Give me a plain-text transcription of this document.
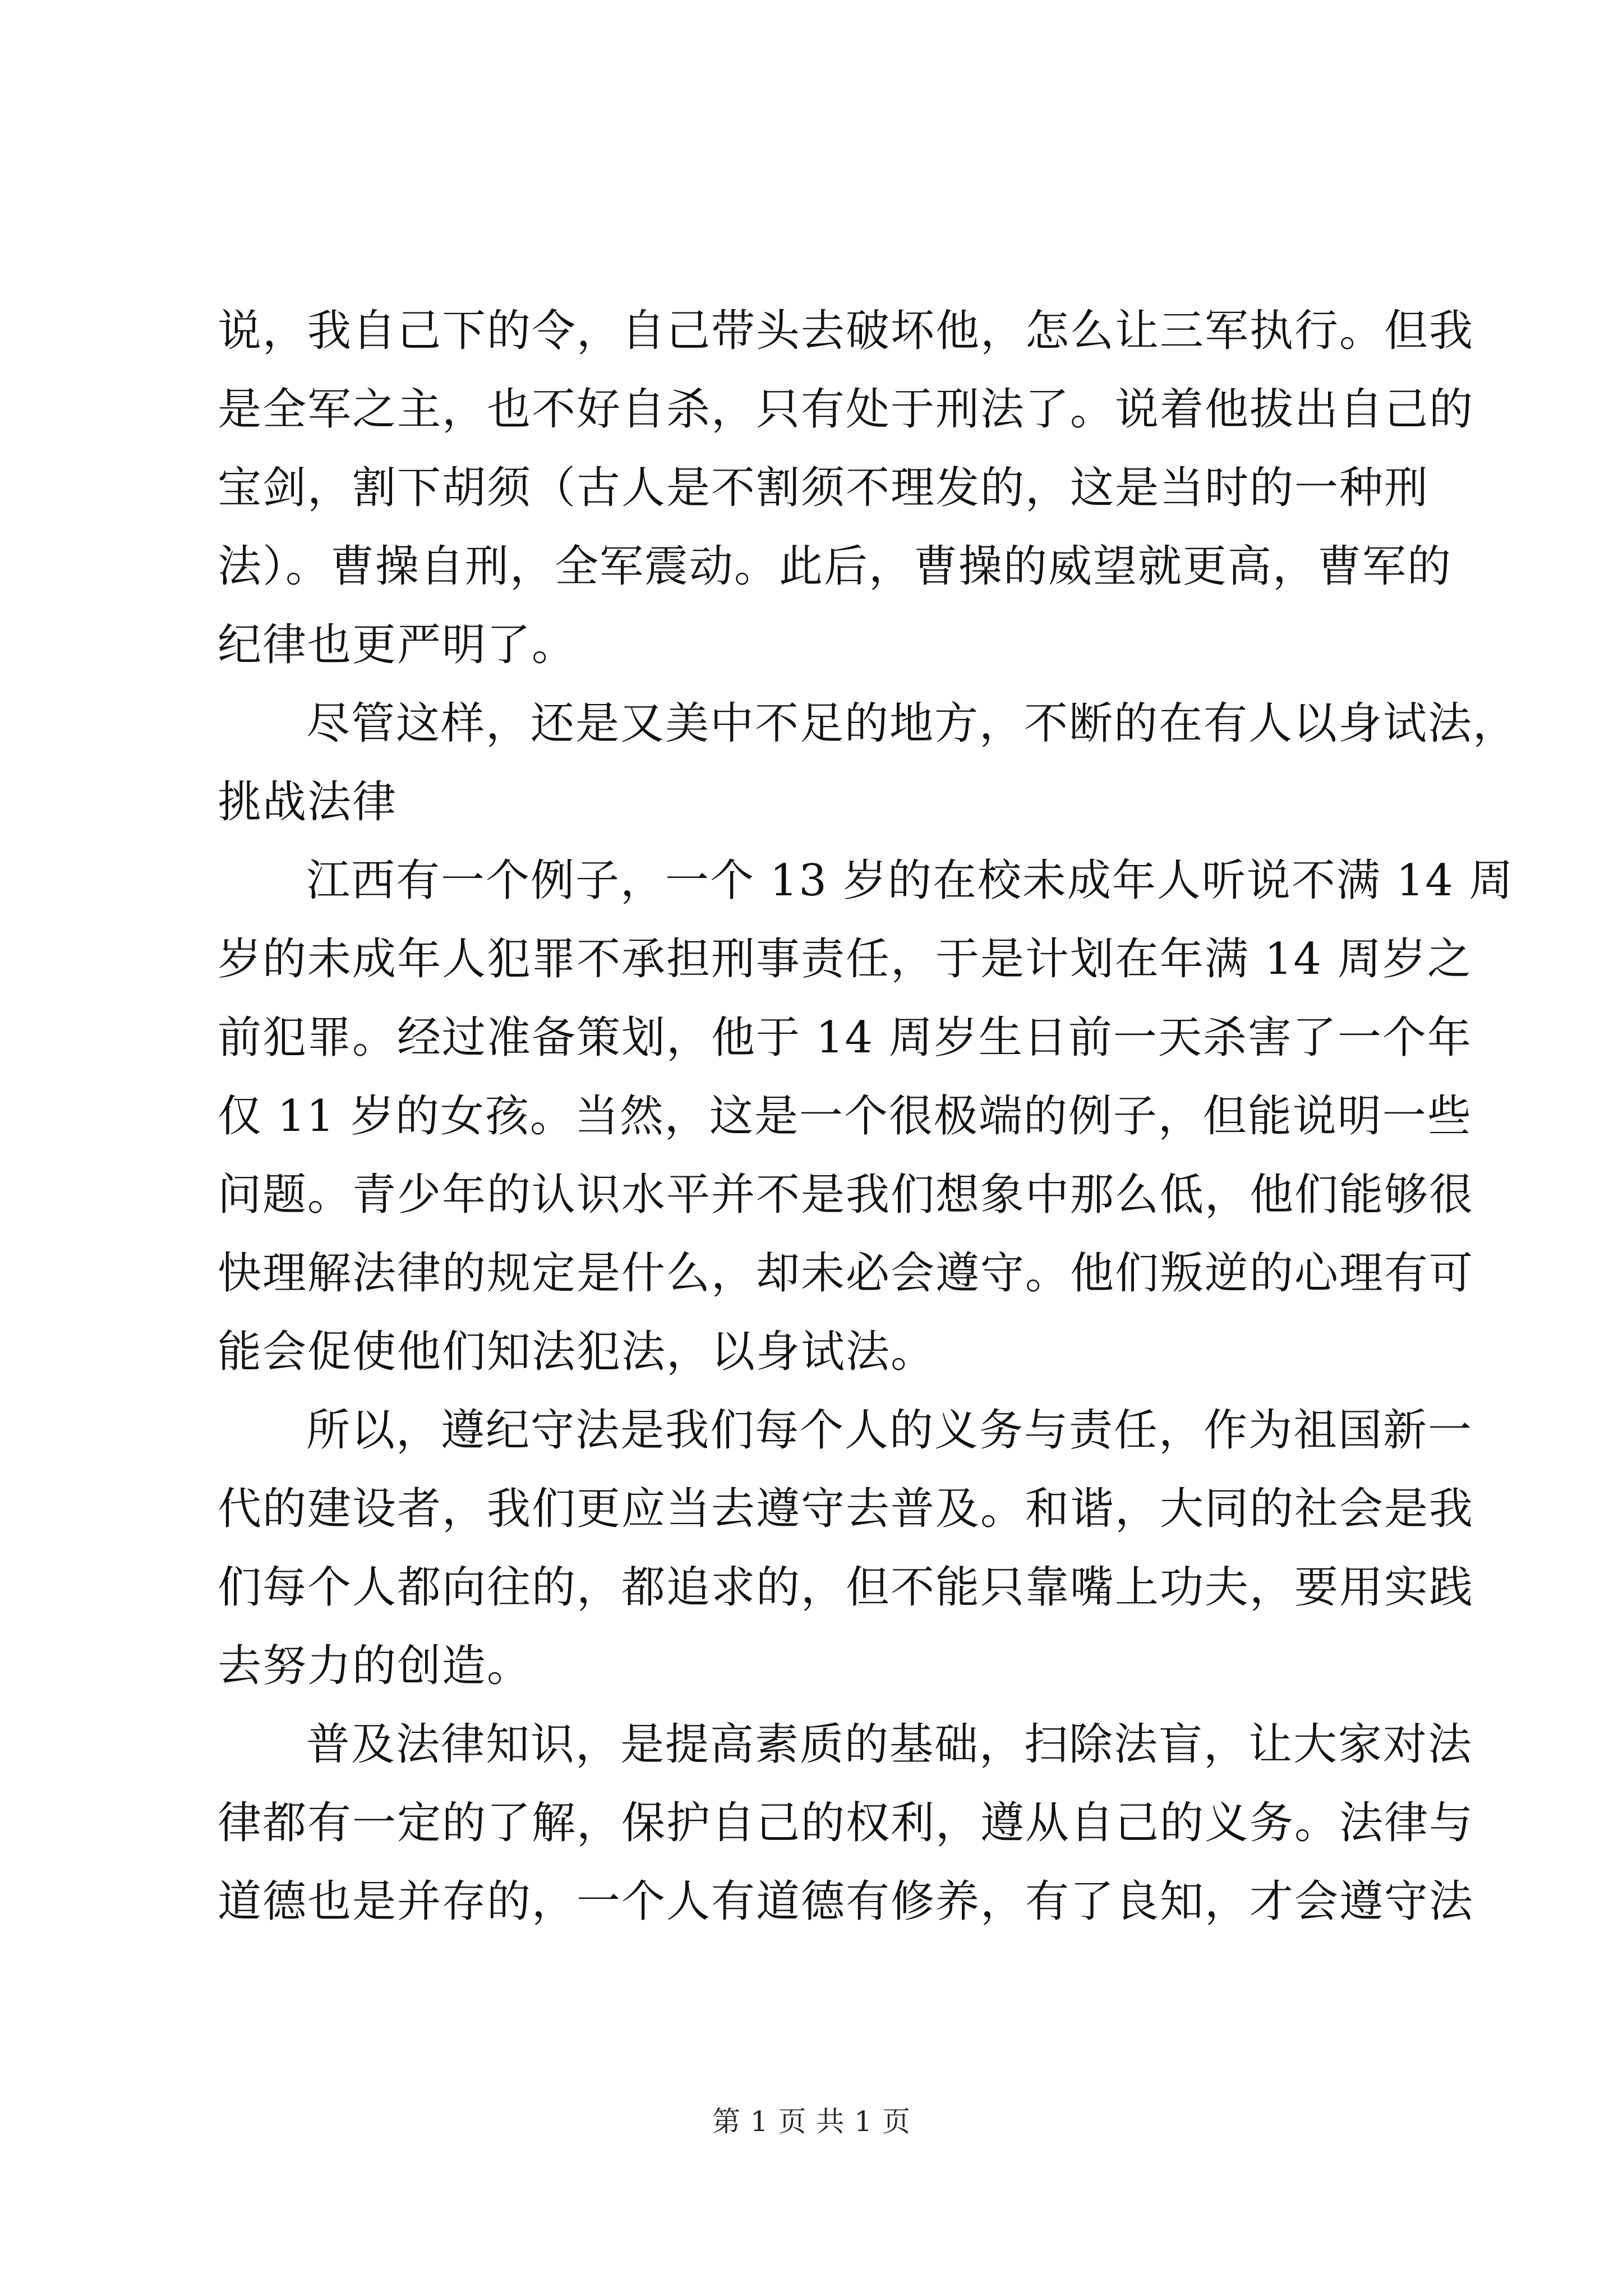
说，我自己下的令，自己带头去破坏他，怎么让三军执行。但我
是全军之主，也不好自杀，只有处于刑法了。说着他拔出自己的
宝剑，割下胡须（古人是不割须不理发的，这是当时的一种刑
法）。曹操自刑，全军震动。此后，曹操的威望就更高，曹军的
纪律也更严明了。
尽管这样，还是又美中不足的地方，不断的在有人以身试法，
挑战法律
江西有一个例子，一个 13 岁的在校未成年人听说不满 14 周
岁的未成年人犯罪不承担刑事责任，于是计划在年满 14 周岁之
前犯罪。经过准备策划，他于 14 周岁生日前一天杀害了一个年
仅 11 岁的女孩。当然，这是一个很极端的例子，但能说明一些
问题。青少年的认识水平并不是我们想象中那么低，他们能够很
快理解法律的规定是什么，却未必会遵守。他们叛逆的心理有可
能会促使他们知法犯法，以身试法。
所以，遵纪守法是我们每个人的义务与责任，作为祖国新一
代的建设者，我们更应当去遵守去普及。和谐，大同的社会是我
们每个人都向往的，都追求的，但不能只靠嘴上功夫，要用实践
去努力的创造。
普及法律知识，是提高素质的基础，扫除法盲，让大家对法
律都有一定的了解，保护自己的权利，遵从自己的义务。法律与
道德也是并存的，一个人有道德有修养，有了良知，才会遵守法
第 1 页 共 1 页
